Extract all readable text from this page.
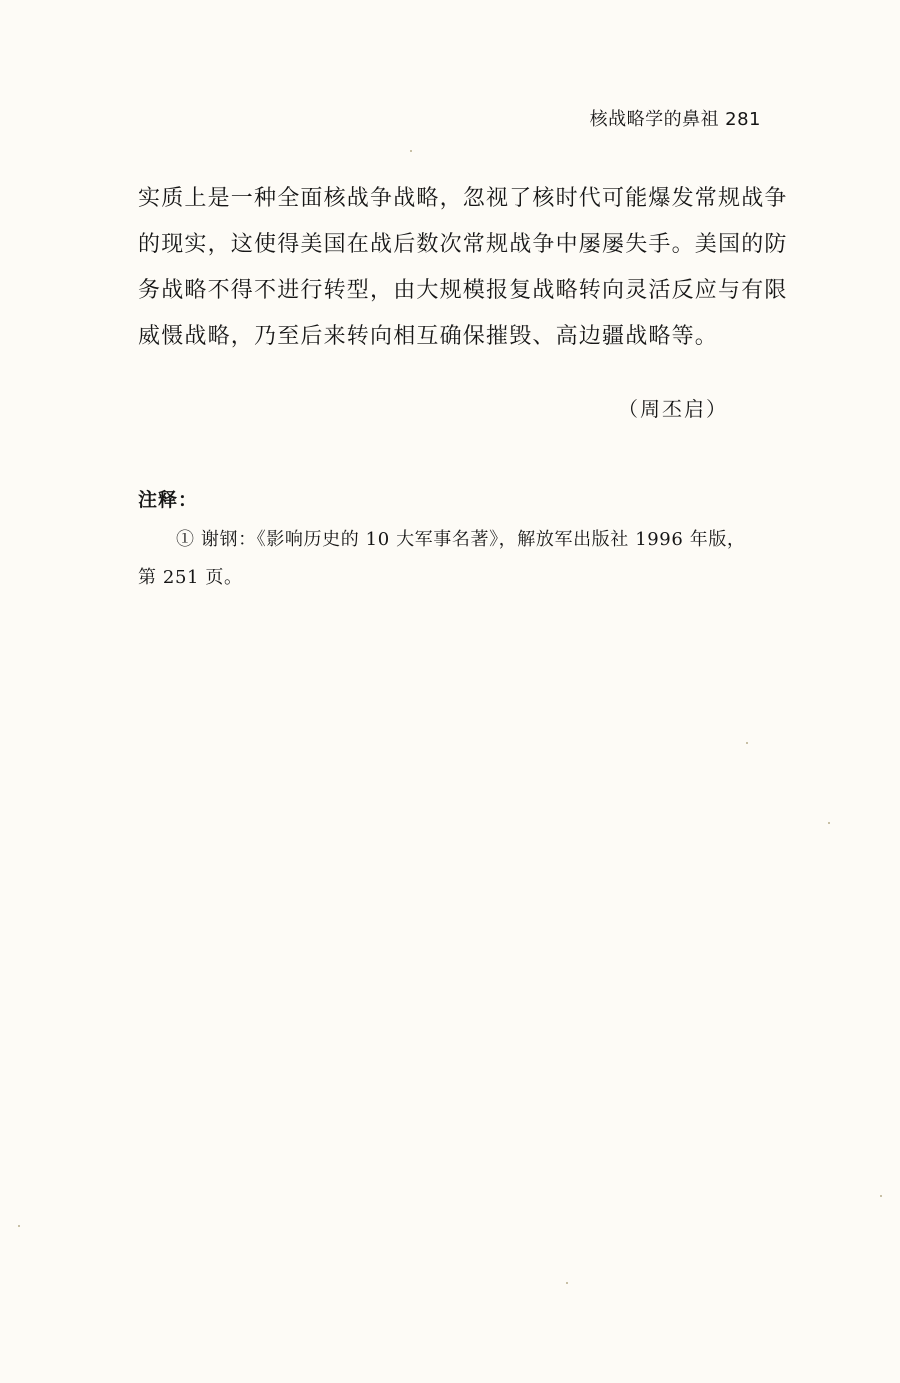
核战略学的鼻祖 281
实质上是一种全面核战争战略，忽视了核时代可能爆发常规战争
的现实，这使得美国在战后数次常规战争中屡屡失手。美国的防
务战略不得不进行转型，由大规模报复战略转向灵活反应与有限
威慑战略，乃至后来转向相互确保摧毁、高边疆战略等。
（周丕启）
注释：
① 谢钢：《影响历史的 10 大军事名著》，解放军出版社 1996 年版，
第 251 页。
